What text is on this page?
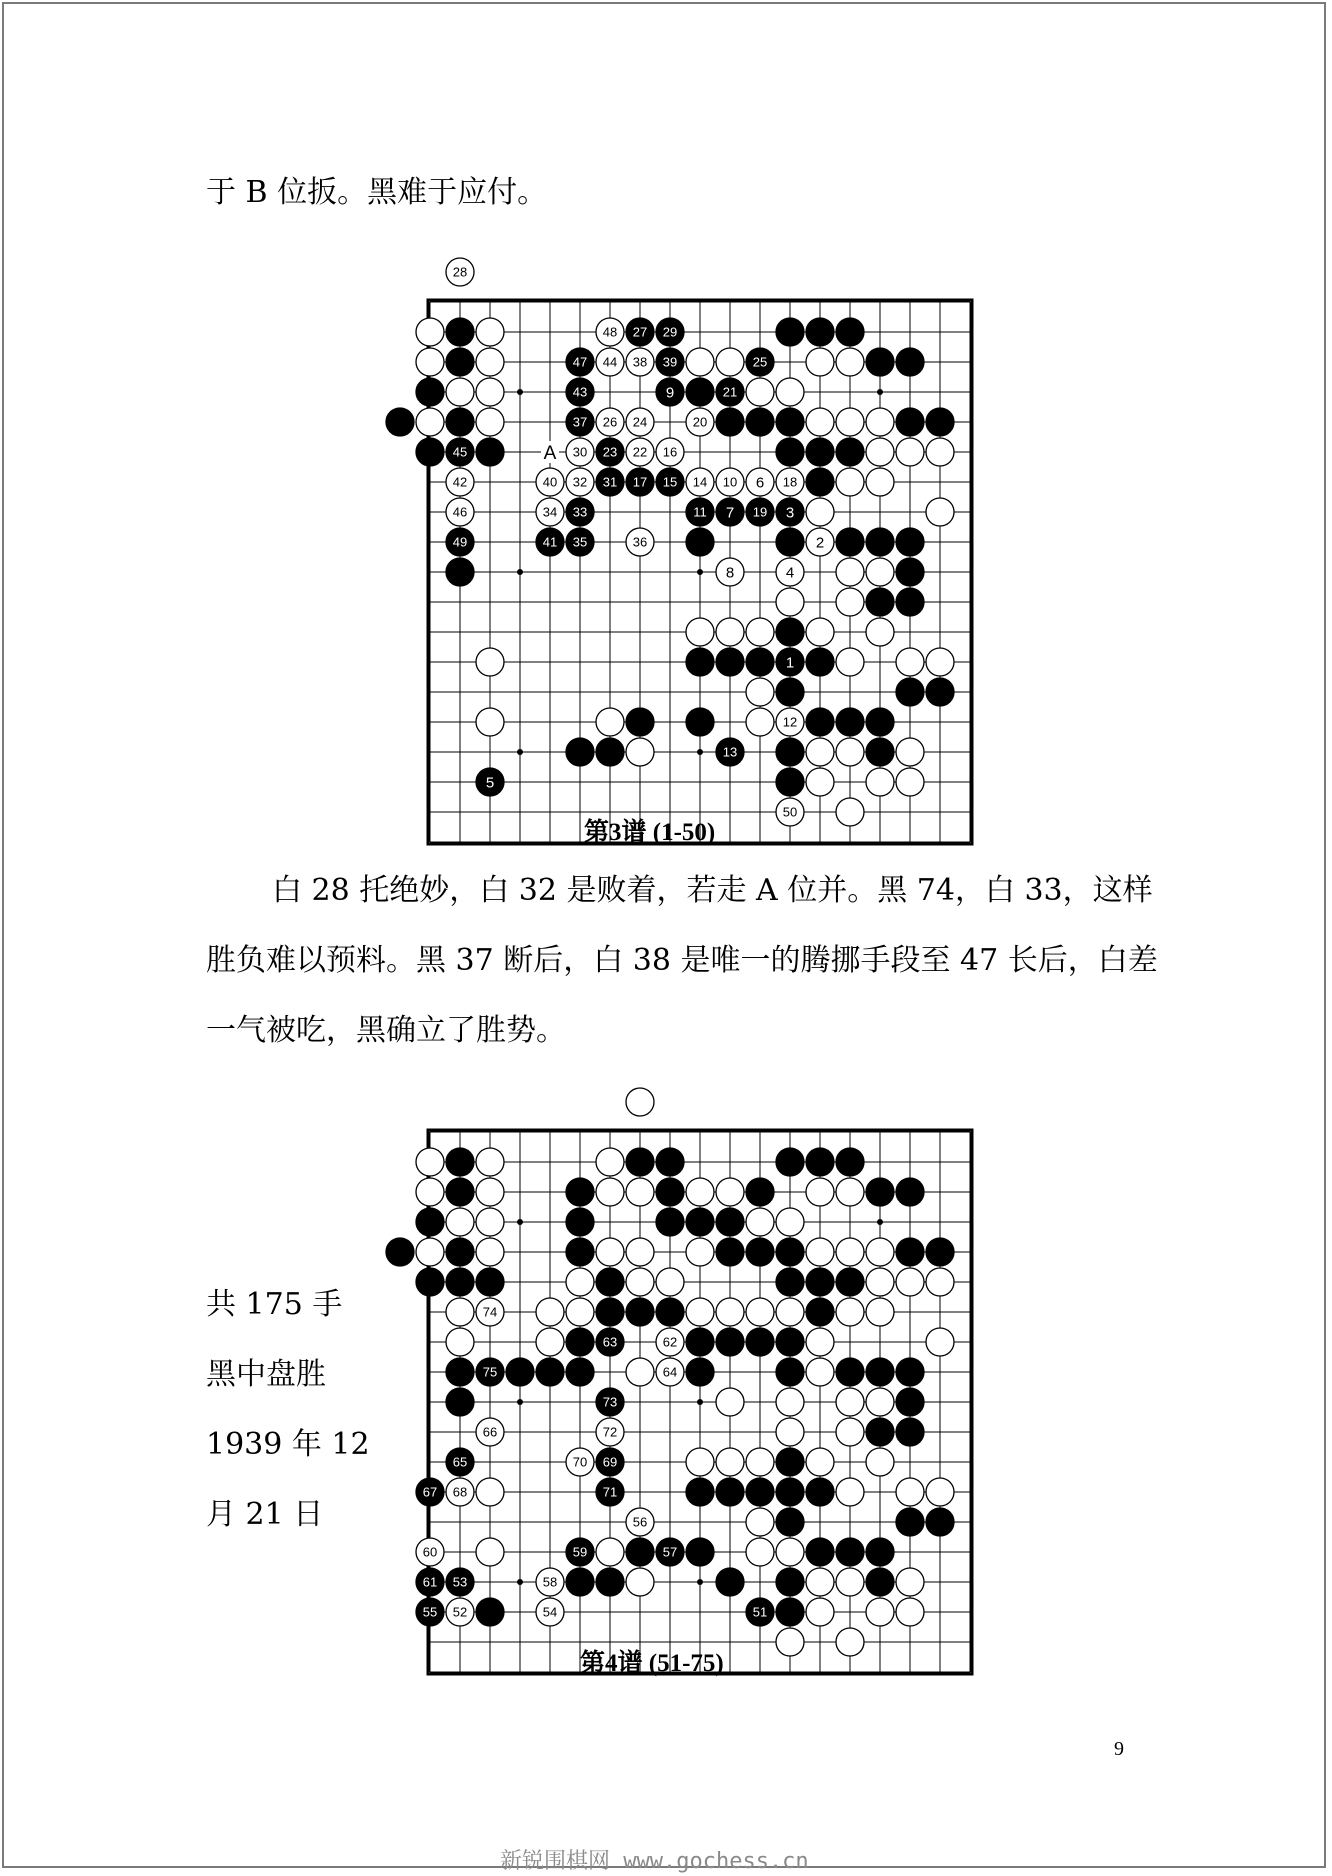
于 B 位扳。黑难于应付。
28
48 27 29
47 44 38 39	25
43	9	21
37 26 24	20
45	30 23 22 16
42	40 32 31 17 15 14 10 6 18
46	34 33	11 7 19 3
49	41 35	36	2
8	4
1
12
13
5
50
A
第3谱 (1-50)
白 28 托绝妙，白 32 是败着，若走 A 位并。黑 74，白 33，这样
胜负难以预料。黑 37 断后，白 38 是唯一的腾挪手段至 47 长后，白差
一气被吃，黑确立了胜势。
74
63	62
75	64
73
66	72
65	70 69
67 68	71
56
60	59	57
61 53	58
55 52	54	51
第4谱 (51-75)
共 175 手
黑中盘胜
1939 年 12
月 21 日
9
新锐围棋网 www.gochess.cn
